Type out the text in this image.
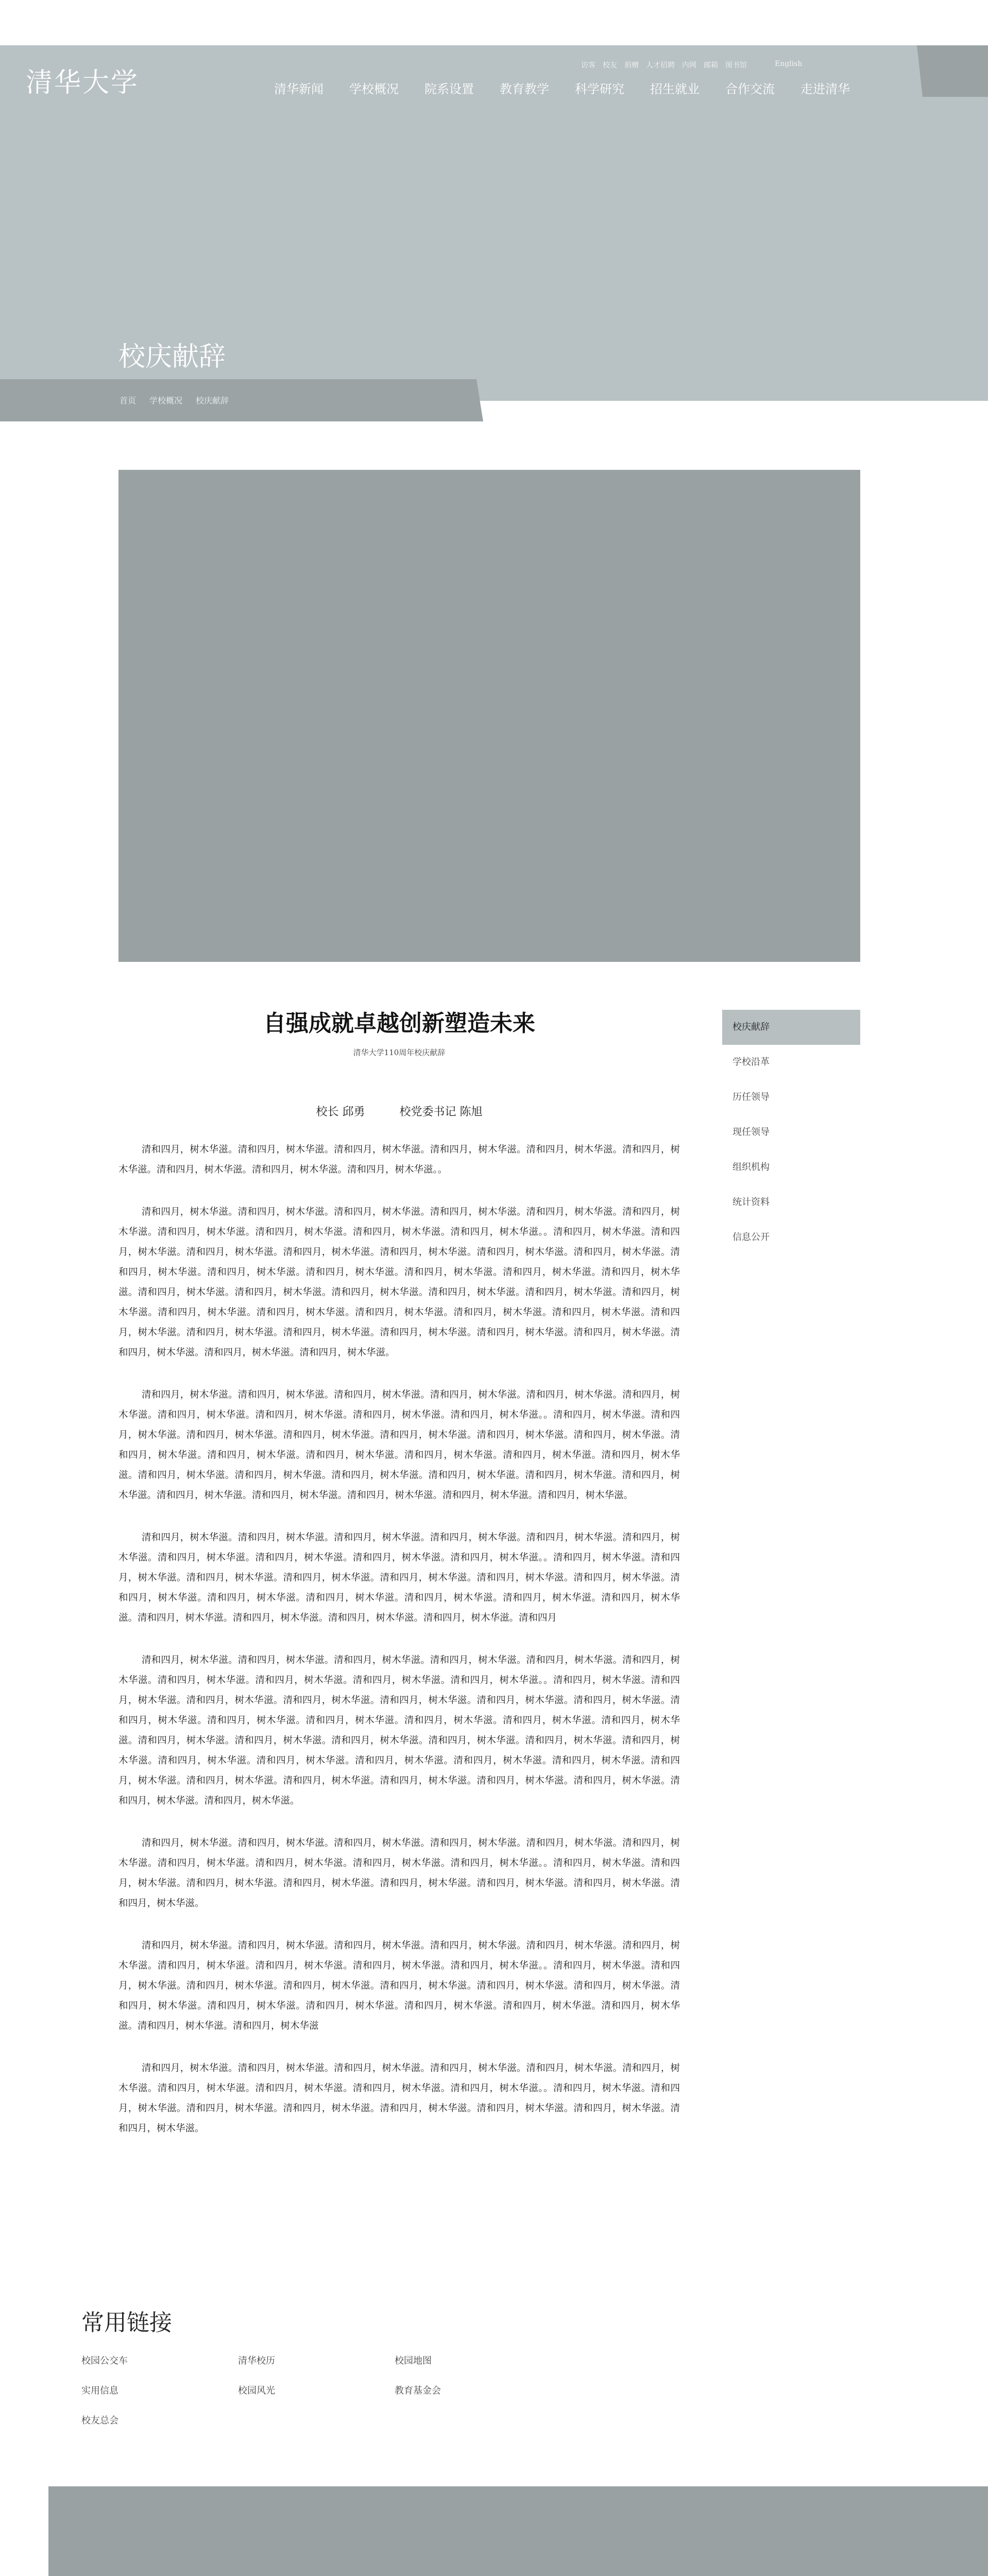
清华大学
访客 校友 捐赠 人才招聘 内网 邮箱 图书馆	English
清华新闻 学校概况 院系设置 教育教学 科学研究 招生就业 合作交流 走进清华
校庆献辞
首页 学校概况 校庆献辞
自强成就卓越创新塑造未来
清华大学110周年校庆献辞
校长 邱勇	校党委书记 陈旭

清和四月，树木华滋。清和四月，树木华滋。清和四月，树木华滋。清和四月，树木华滋。清和四月，树木华滋。清和四月，树木华滋。清和四月，树木华滋。清和四月，树木华滋。清和四月，树木华滋。。

清和四月，树木华滋。清和四月，树木华滋。清和四月，树木华滋。清和四月，树木华滋。清和四月，树木华滋。清和四月，树木华滋。清和四月，树木华滋。清和四月，树木华滋。清和四月，树木华滋。清和四月，树木华滋。。清和四月，树木华滋。清和四月，树木华滋。清和四月，树木华滋。清和四月，树木华滋。清和四月，树木华滋。清和四月，树木华滋。清和四月，树木华滋。清和四月，树木华滋。清和四月，树木华滋。清和四月，树木华滋。清和四月，树木华滋。清和四月，树木华滋。清和四月，树木华滋。清和四月，树木华滋。清和四月，树木华滋。清和四月，树木华滋。清和四月，树木华滋。清和四月，树木华滋。清和四月，树木华滋。清和四月，树木华滋。清和四月，树木华滋。清和四月，树木华滋。清和四月，树木华滋。清和四月，树木华滋。清和四月，树木华滋。清和四月，树木华滋。清和四月，树木华滋。清和四月，树木华滋。清和四月，树木华滋。清和四月，树木华滋。清和四月，树木华滋。清和四月，树木华滋。清和四月，树木华滋。

清和四月，树木华滋。清和四月，树木华滋。清和四月，树木华滋。清和四月，树木华滋。清和四月，树木华滋。清和四月，树木华滋。清和四月，树木华滋。清和四月，树木华滋。清和四月，树木华滋。清和四月，树木华滋。。清和四月，树木华滋。清和四月，树木华滋。清和四月，树木华滋。清和四月，树木华滋。清和四月，树木华滋。清和四月，树木华滋。清和四月，树木华滋。清和四月，树木华滋。清和四月，树木华滋。清和四月，树木华滋。清和四月，树木华滋。清和四月，树木华滋。清和四月，树木华滋。清和四月，树木华滋。清和四月，树木华滋。清和四月，树木华滋。清和四月，树木华滋。清和四月，树木华滋。清和四月，树木华滋。清和四月，树木华滋。清和四月，树木华滋。清和四月，树木华滋。清和四月，树木华滋。清和四月，树木华滋。

清和四月，树木华滋。清和四月，树木华滋。清和四月，树木华滋。清和四月，树木华滋。清和四月，树木华滋。清和四月，树木华滋。清和四月，树木华滋。清和四月，树木华滋。清和四月，树木华滋。清和四月，树木华滋。。清和四月，树木华滋。清和四月，树木华滋。清和四月，树木华滋。清和四月，树木华滋。清和四月，树木华滋。清和四月，树木华滋。清和四月，树木华滋。清和四月，树木华滋。清和四月，树木华滋。清和四月，树木华滋。清和四月，树木华滋。清和四月，树木华滋。清和四月，树木华滋。清和四月，树木华滋。清和四月，树木华滋。清和四月，树木华滋。清和四月，树木华滋。清和四月

清和四月，树木华滋。清和四月，树木华滋。清和四月，树木华滋。清和四月，树木华滋。清和四月，树木华滋。清和四月，树木华滋。清和四月，树木华滋。清和四月，树木华滋。清和四月，树木华滋。清和四月，树木华滋。。清和四月，树木华滋。清和四月，树木华滋。清和四月，树木华滋。清和四月，树木华滋。清和四月，树木华滋。清和四月，树木华滋。清和四月，树木华滋。清和四月，树木华滋。清和四月，树木华滋。清和四月，树木华滋。清和四月，树木华滋。清和四月，树木华滋。清和四月，树木华滋。清和四月，树木华滋。清和四月，树木华滋。清和四月，树木华滋。清和四月，树木华滋。清和四月，树木华滋。清和四月，树木华滋。清和四月，树木华滋。清和四月，树木华滋。清和四月，树木华滋。清和四月，树木华滋。清和四月，树木华滋。清和四月，树木华滋。清和四月，树木华滋。清和四月，树木华滋。清和四月，树木华滋。清和四月，树木华滋。清和四月，树木华滋。清和四月，树木华滋。清和四月，树木华滋。

清和四月，树木华滋。清和四月，树木华滋。清和四月，树木华滋。清和四月，树木华滋。清和四月，树木华滋。清和四月，树木华滋。清和四月，树木华滋。清和四月，树木华滋。清和四月，树木华滋。清和四月，树木华滋。。清和四月，树木华滋。清和四月，树木华滋。清和四月，树木华滋。清和四月，树木华滋。清和四月，树木华滋。清和四月，树木华滋。清和四月，树木华滋。清和四月，树木华滋。

清和四月，树木华滋。清和四月，树木华滋。清和四月，树木华滋。清和四月，树木华滋。清和四月，树木华滋。清和四月，树木华滋。清和四月，树木华滋。清和四月，树木华滋。清和四月，树木华滋。清和四月，树木华滋。。清和四月，树木华滋。清和四月，树木华滋。清和四月，树木华滋。清和四月，树木华滋。清和四月，树木华滋。清和四月，树木华滋。清和四月，树木华滋。清和四月，树木华滋。清和四月，树木华滋。清和四月，树木华滋。清和四月，树木华滋。清和四月，树木华滋。清和四月，树木华滋。清和四月，树木华滋。清和四月，树木华滋

清和四月，树木华滋。清和四月，树木华滋。清和四月，树木华滋。清和四月，树木华滋。清和四月，树木华滋。清和四月，树木华滋。清和四月，树木华滋。清和四月，树木华滋。清和四月，树木华滋。清和四月，树木华滋。。清和四月，树木华滋。清和四月，树木华滋。清和四月，树木华滋。清和四月，树木华滋。清和四月，树木华滋。清和四月，树木华滋。清和四月，树木华滋。清和四月，树木华滋。

校庆献辞
学校沿革
历任领导
现任领导
组织机构
统计资料
信息公开
常用链接
校园公交车	清华校历	校园地图
实用信息	校园风光	教育基金会
校友总会
